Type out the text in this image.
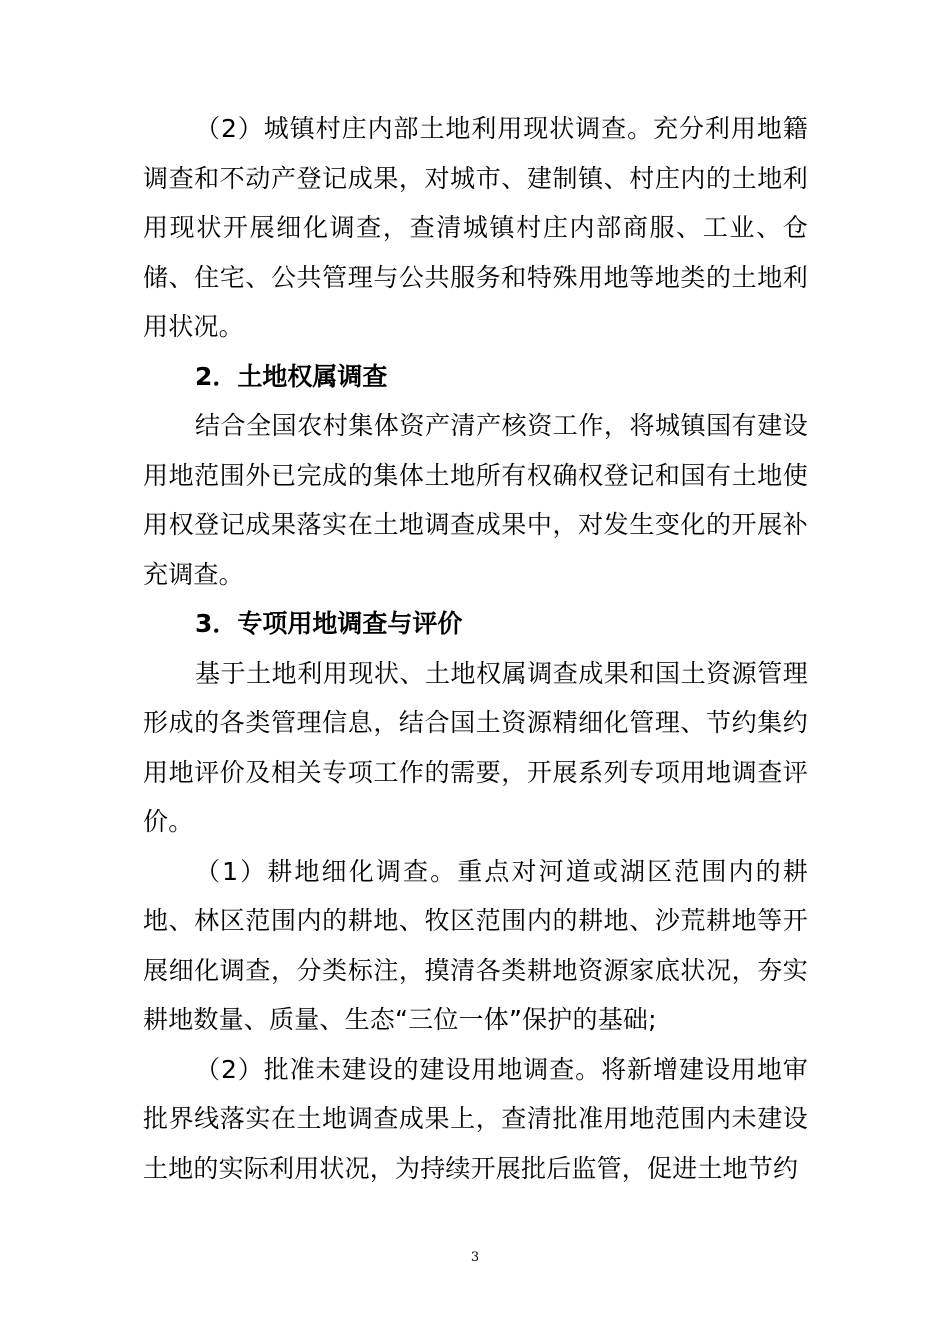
（2）城镇村庄内部土地利用现状调查。充分利用地籍调查和不动产登记成果，对城市、建制镇、村庄内的土地利用现状开展细化调查，查清城镇村庄内部商服、工业、仓储、住宅、公共管理与公共服务和特殊用地等地类的土地利用状况。

2．土地权属调查

结合全国农村集体资产清产核资工作，将城镇国有建设用地范围外已完成的集体土地所有权确权登记和国有土地使用权登记成果落实在土地调查成果中，对发生变化的开展补充调查。

3．专项用地调查与评价

基于土地利用现状、土地权属调查成果和国土资源管理形成的各类管理信息，结合国土资源精细化管理、节约集约用地评价及相关专项工作的需要，开展系列专项用地调查评价。

（1）耕地细化调查。重点对河道或湖区范围内的耕地、林区范围内的耕地、牧区范围内的耕地、沙荒耕地等开展细化调查，分类标注，摸清各类耕地资源家底状况，夯实耕地数量、质量、生态“三位一体”保护的基础;

（2）批准未建设的建设用地调查。将新增建设用地审批界线落实在土地调查成果上，查清批准用地范围内未建设土地的实际利用状况，为持续开展批后监管，促进土地节约

3
